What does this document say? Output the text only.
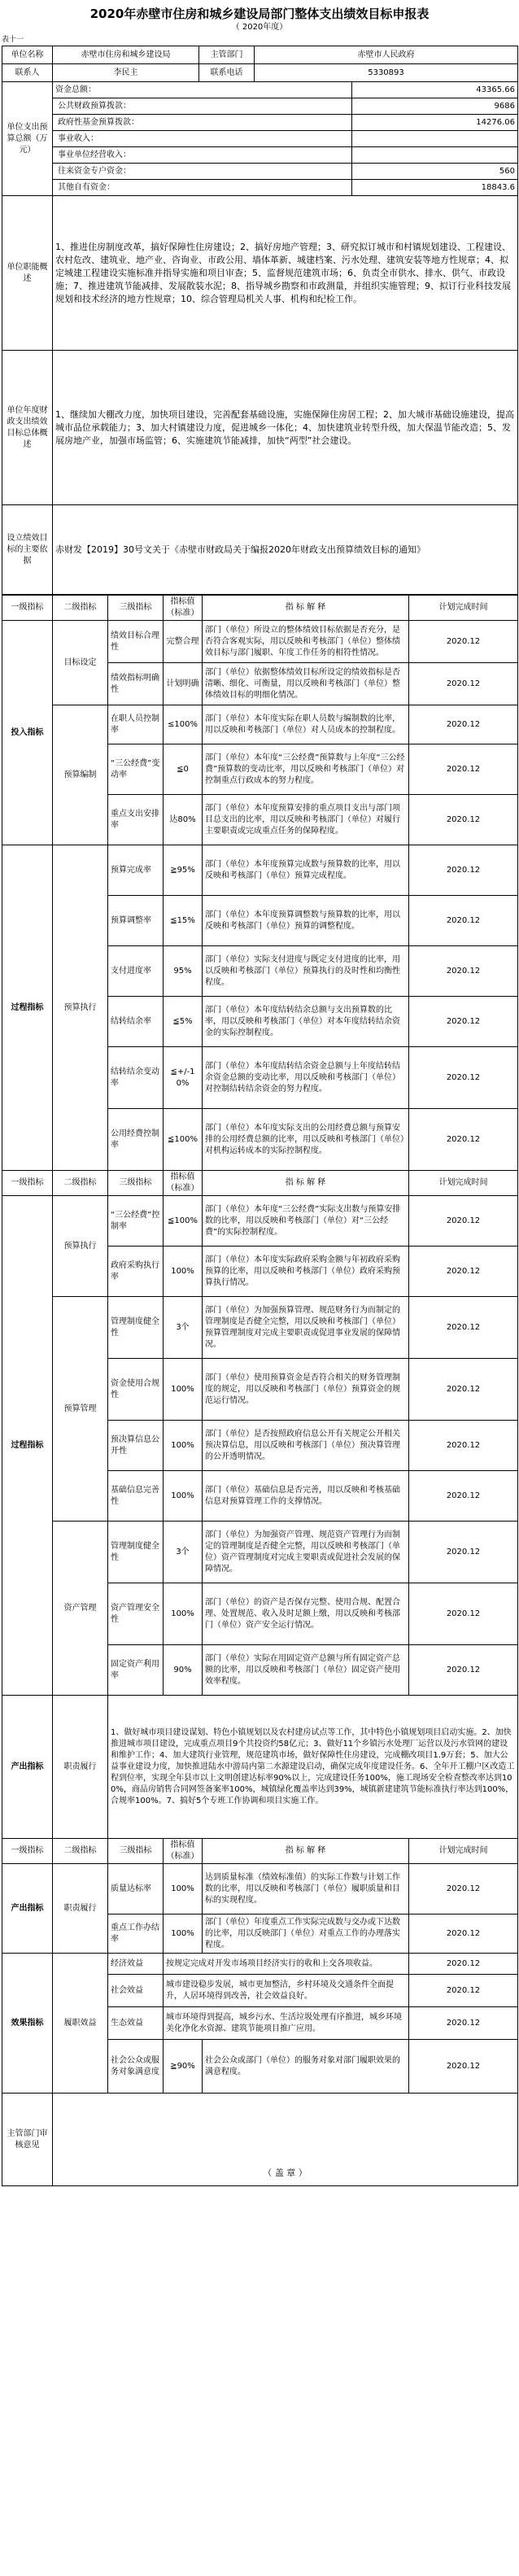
2020年赤壁市住房和城乡建设局部门整体支出绩效目标申报表
（ 2020年度）
表十一
单位名称	赤壁市住房和城乡建设局	主管部门	赤壁市人民政府	
联系人	李民主	联系电话	5330893	
单位支出预算总额（万元）	资金总额：			43365.66
	公共财政预算拨款：			9686
	政府性基金预算拨款：			14276.06
	事业收入：			
	事业单位经营收入：			
	往来资金专户资金：			560
	其他自有资金：			18843.6
单位职能概述	1、推进住房制度改革，搞好保障性住房建设；2、搞好房地产管理；3、研究拟订城市和村镇规划建设、工程建设、农村危改、建筑业、地产业、咨询业、市政公用、墙体革新、城建档案、污水处理、建筑安装等地方性规章；4、拟定城建工程建设实施标准并指导实施和项目审查；5、监督规范建筑市场；6、负责全市供水、排水、供气、市政设施；7、推进建筑节能减排、发展散装水泥；8、指导城乡勘察和市政测量，并组织实施管理；9、拟订行业科技发展规划和技术经济的地方性规章；10、综合管理局机关人事、机构和纪检工作。			
单位年度财政支出绩效目标总体概述	1、继续加大棚改力度，加快项目建设，完善配套基础设施，实施保障住房居工程；2、加大城市基础设施建设，提高城市品位承载能力；3、加大村镇建设力度，促进城乡一体化；4、加快建筑业转型升级，加大保温节能改造；5、发展房地产业，加强市场监管；6、实施建筑节能减排，加快“两型”社会建设。			
设立绩效目标的主要依据	赤财发【2019】30号文关于《赤壁市财政局关于编报2020年财政支出预算绩效目标的通知》			
一级指标	二级指标	三级指标	指标值（标准）	指 标 解 释	计划完成时间
投入指标	目标设定	绩效目标合理性	完整合理	部门（单位）所设立的整体绩效目标依据是否充分，是否符合客观实际，用以反映和考核部门（单位）整体绩效目标与部门履职、年度工作任务的相符性情况。	2020.12
		绩效指标明确性	计划明确	部门（单位）依据整体绩效目标所设定的绩效指标是否清晰、细化、可衡量，用以反映和考核部门（单位）整体绩效目标的明细化情况。	2020.12
	预算编制	在职人员控制率	≤100%	部门（单位）本年度实际在职人员数与编制数的比率，用以反映和考核部门（单位）对人员成本的控制程度。	2020.12
		“三公经费”变动率	≦0	部门（单位）本年度“三公经费”预算数与上年度“三公经费”预算数的变动比率，用以反映和考核部门（单位）对控制重点行政成本的努力程度。	2020.12
		重点支出安排率	达80%	部门（单位）本年度预算安排的重点项目支出与部门项目总支出的比率，用以反映和考核部门（单位）对履行主要职责或完成重点任务的保障程度。	2020.12
过程指标	预算执行	预算完成率	≧95%	部门（单位）本年度预算完成数与预算数的比率，用以反映和考核部门（单位）预算完成程度。	2020.12
		预算调整率	≦15%	部门（单位）本年度预算调整数与预算数的比率，用以反映和考核部门（单位）预算的调整程度。	2020.12
		支付进度率	95%	部门（单位）实际支付进度与既定支付进度的比率，用以反映和考核部门（单位）预算执行的及时性和均衡性程度。	2020.12
		结转结余率	≦5%	部门（单位）本年度结转结余总额与支出预算数的比率，用以反映和考核部门（单位）对本年度结转结余资金的实际控制程度。	2020.12
		结转结余变动率	≦+/-10%	部门（单位）本年度结转结余资金总额与上年度结转结余资金总额的变动比率，用以反映和考核部门（单位）对控制结转结余资金的努力程度。	2020.12
		公用经费控制率	≦100%	部门（单位）本年度实际支出的公用经费总额与预算安排的公用经费总额的比率，用以反映和考核部门（单位）对机构运转成本的实际控制程度。	2020.12
一级指标	二级指标	三级指标	指标值（标准）	指 标 解 释	计划完成时间
过程指标	预算执行	“三公经费”控制率	≦100%	部门（单位）本年度“三公经费”实际支出数与预算安排数的比率，用以反映和考核部门（单位）对“三公经费”的实际控制程度。	2020.12
		政府采购执行率	100%	部门（单位）本年度实际政府采购金额与年初政府采购预算的比率，用以反映和考核部门（单位）政府采购预算执行情况。	2020.12
	预算管理	管理制度健全性	3个	部门（单位）为加强预算管理、规范财务行为而制定的管理制度是否健全完整，用以反映和考核部门（单位）预算管理制度对完成主要职责或促进事业发展的保障情况。	2020.12
		资金使用合规性	100%	部门（单位）使用预算资金是否符合相关的财务管理制度的规定，用以反映和考核部门（单位）预算资金的规范运行情况。	2020.12
		预决算信息公开性	100%	部门（单位）是否按照政府信息公开有关规定公开相关预决算信息，用以反映和考核部门（单位）预决算管理的公开透明情况。	2020.12
		基础信息完善性	100%	部门（单位）基础信息是否完善，用以反映和考核基础信息对预算管理工作的支撑情况。	2020.12
	资产管理	管理制度健全性	3个	部门（单位）为加强资产管理、规范资产管理行为而制定的管理制度是否健全完整，用以反映和考核部门（单位）资产管理制度对完成主要职责或促进社会发展的保障情况。	2020.12
		资产管理安全性	100%	部门（单位）的资产是否保存完整、使用合规、配置合理、处置规范、收入及时足额上缴，用以反映和考核部门（单位）资产安全运行情况。	2020.12
		固定资产利用率	90%	部门（单位）实际在用固定资产总额与所有固定资产总额的比率，用以反映和考核部门（单位）固定资产使用效率程度。	2020.12
产出指标	职责履行	1、做好城市项目建设谋划、特色小镇规划以及农村建房试点等工作，其中特色小镇规划项目启动实施。2、加快推进城市项目建设，完成重点项目9个共投资约58亿元；3、做好11个乡镇污水处理厂运营以及污水管网的建设和维护工作；4、加大建筑行业管理，规范建筑市场，做好保障性住房建设，完成棚改项目1.9万套；5、加大公益事业建设力度，加快推进陆水中游局内第二水源建设启动，确保完成年度建设任务。6、全年开工棚户区改造工程到位率，实现全年县市以上文明创建达标率90%以上，完成建设任务100%，施工现场安全检查整改率达到100%，商品房销售合同网签备案率100%，城镇绿化覆盖率达到39%，城镇新建建筑节能标准执行率达到100%，合规率100%。7、搞好5个专班工作协调和项目实施工作。			
一级指标	二级指标	三级指标	指标值（标准）	指 标 解 释	计划完成时间
产出指标	职责履行	质量达标率	100%	达到质量标准（绩效标准值）的实际工作数与计划工作数的比率，用以反映和考核部门（单位）履职质量和目标的实现程度。	2020.12
		重点工作办结率	100%	部门（单位）年度重点工作实际完成数与交办或下达数的比率，用以反映部门（单位）对重点工作的办理落实程度。	2020.12
效果指标	履职效益	经济效益	按规定完成对开发市场项目经济实行的收和上交各项收益。		2020.12
		社会效益	城市建设稳步发展，城市更加整洁，乡村环境及交通条件全面提升，人居环境得到改善，社会效益良好。		2020.12
		生态效益	城市环境得到提高，城乡污水、生活垃圾处理有序推进，城乡环境美化净化水资源、建筑节能项目推广应用。		2020.12
		社会公众或服务对象满意度	≧90%	社会公众或部门（单位）的服务对象对部门履职效果的满意程度。	2020.12
主管部门审核意见	（ 盖 章 ）				
